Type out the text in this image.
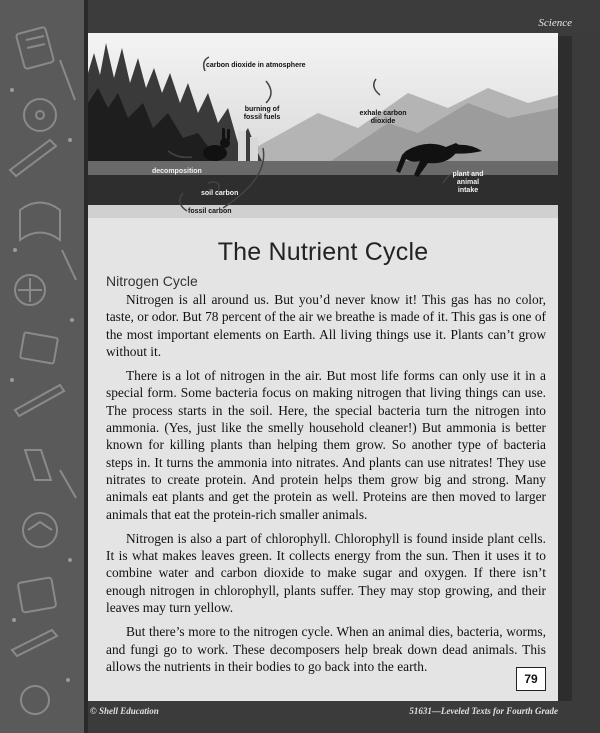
Science
carbon dioxide in atmosphere
burning of fossil fuels
exhale carbon dioxide
decomposition
soil carbon
fossil carbon
plant and animal intake
The Nutrient Cycle
Nitrogen Cycle

Nitrogen is all around us. But you’d never know it! This gas has no color, taste, or odor. But 78 percent of the air we breathe is made of it. This gas is one of the most important elements on Earth. All living things use it. Plants can’t grow without it.

There is a lot of nitrogen in the air. But most life forms can only use it in a special form. Some bacteria focus on making nitrogen that living things can use. The process starts in the soil. Here, the special bacteria turn the nitrogen into ammonia. (Yes, just like the smelly household cleaner!) But ammonia is better known for killing plants than helping them grow. So another type of bacteria steps in. It turns the ammonia into nitrates. And plants can use nitrates! They use nitrates to create protein. And protein helps them grow big and strong. Many animals eat plants and get the protein as well. Proteins are then moved to larger animals that eat the protein-rich smaller animals.

Nitrogen is also a part of chlorophyll. Chlorophyll is found inside plant cells. It is what makes leaves green. It collects energy from the sun. Then it uses it to combine water and carbon dioxide to make sugar and oxygen. If there isn’t enough nitrogen in chlorophyll, plants suffer. They may stop growing, and their leaves may turn yellow.

But there’s more to the nitrogen cycle. When an animal dies, bacteria, worms, and fungi go to work. These decomposers help break down dead animals. This allows the nutrients in their bodies to go back into the earth.

79
© Shell Education	51631—Leveled Texts for Fourth Grade
